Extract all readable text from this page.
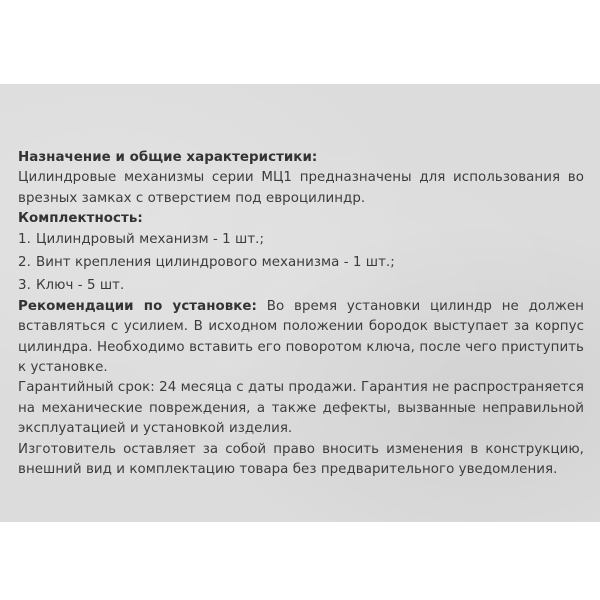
Назначение и общие характеристики:

Цилиндровые механизмы серии МЦ1 предназначены для использования во врезных замках с отверстием под евроцилиндр.

Комплектность:

1. Цилиндровый механизм - 1 шт.;

2. Винт крепления цилиндрового механизма - 1 шт.;

3. Ключ - 5 шт.

Рекомендации по установке: Во время установки цилиндр не должен вставляться с усилием. В исходном положении бородок выступает за корпус цилиндра. Необходимо вставить его поворотом ключа, после чего приступить к установке.

Гарантийный срок: 24 месяца с даты продажи. Гарантия не распространяется на механические повреждения, а также дефекты, вызванные неправильной эксплуатацией и установкой изделия.

Изготовитель оставляет за собой право вносить изменения в конструкцию, внешний вид и комплектацию товара без предварительного уведомления.
